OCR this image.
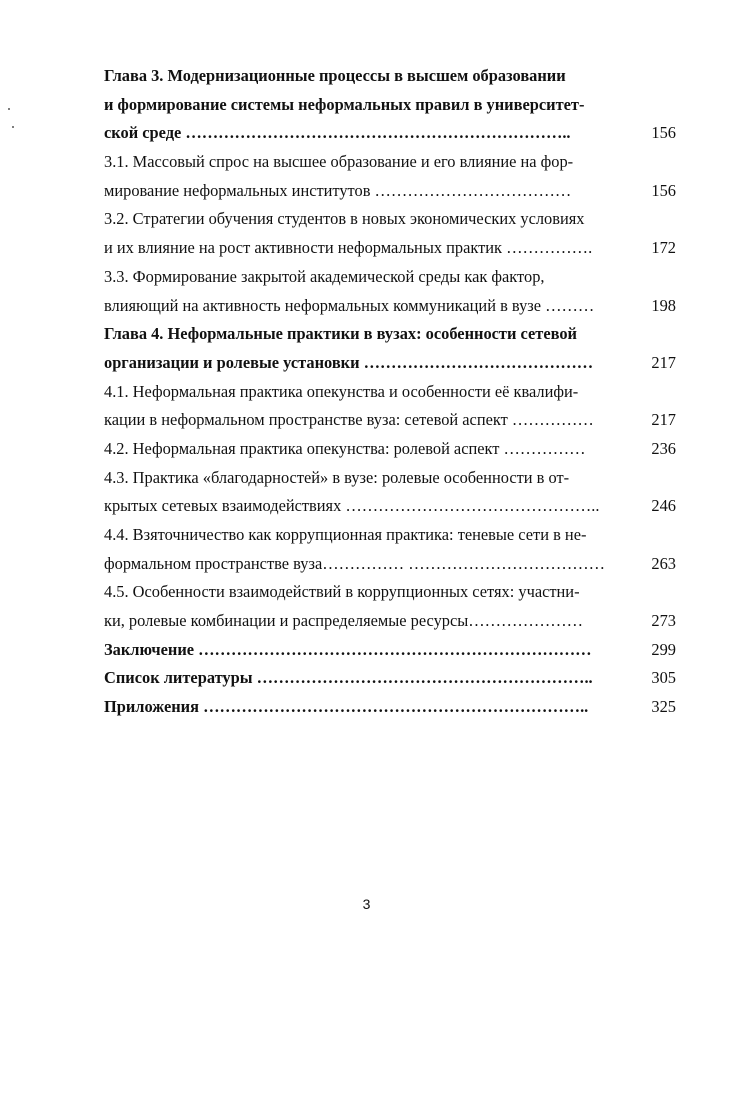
Глава 3. Модернизационные процессы в высшем образовании
и формирование системы неформальных правил в университет-
ской среде ……………………………………………………………..	156
3.1. Массовый спрос на высшее образование и его влияние на фор-
мирование неформальных институтов ………………………………	156
3.2. Стратегии обучения студентов в новых экономических условиях
и их влияние на рост активности неформальных практик …………….	172
3.3. Формирование закрытой академической среды как фактор,
влияющий на активность неформальных коммуникаций в вузе ………	198
Глава 4. Неформальные практики в вузах: особенности сетевой
организации и ролевые установки ……………………………………	217
4.1. Неформальная практика опекунства и особенности её квалифи-
кации в неформальном пространстве вуза: сетевой аспект ……………	217
4.2. Неформальная практика опекунства: ролевой аспект ……………	236
4.3. Практика «благодарностей» в вузе: ролевые особенности в от-
крытых сетевых взаимодействиях ………………………………………..	246
4.4. Взяточничество как коррупционная практика: теневые сети в не-
формальном пространстве вуза…………… ………………………………	263
4.5. Особенности взаимодействий в коррупционных сетях: участни-
ки, ролевые комбинации и распределяемые ресурсы…………………	273
Заключение ………………………………………………………………	299
Список литературы ……………………………………………………..	305
Приложения ……………………………………………………………..	325
3
